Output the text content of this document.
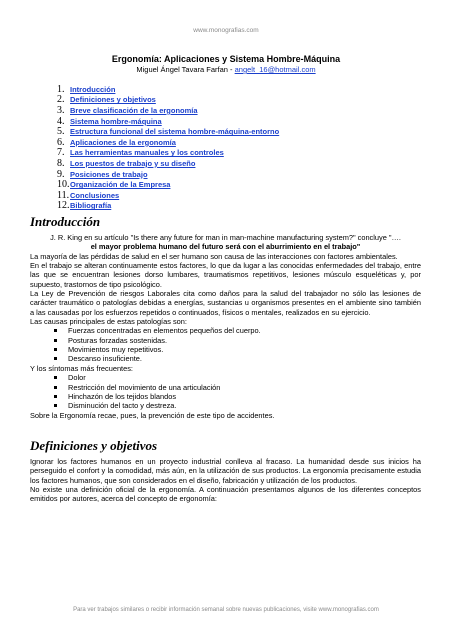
www.monografias.com
Ergonomía: Aplicaciones y Sistema Hombre-Máquina
Miguel Ángel Tavara Farfan - angelt_16@hotmail.com
1. Introducción
2. Definiciones y objetivos
3. Breve clasificación de la ergonomía
4. Sistema hombre-máquina
5. Estructura funcional del sistema hombre-máquina-entorno
6. Aplicaciones de la ergonomía
7. Las herramientas manuales y los controles
8. Los puestos de trabajo y su diseño
9. Posiciones de trabajo
10. Organización de la Empresa
11. Conclusiones
12. Bibliografía
Introducción

J. R. King en su artículo "Is there any future for man in man-machine manufacturing system?" concluye "….

el mayor problema humano del futuro será con el aburrimiento en el trabajo"

La mayoría de las pérdidas de salud en el ser humano son causa de las interacciones con factores ambientales.

En el trabajo se alteran continuamente estos factores, lo que da lugar a las conocidas enfermedades del trabajo, entre las que se encuentran lesiones dorso lumbares, traumatismos repetitivos, lesiones músculo esqueléticas y, por supuesto, trastornos de tipo psicológico.

La Ley de Prevención de riesgos Laborales cita como daños para la salud del trabajador no sólo las lesiones de carácter traumático o patologías debidas a energías, sustancias u organismos presentes en el ambiente sino también a las causadas por los esfuerzos repetidos o continuados, físicos o mentales, realizados en su ejercicio.

Las causas principales de estas patologías son:

Fuerzas concentradas en elementos pequeños del cuerpo.
Posturas forzadas sostenidas.
Movimientos muy repetitivos.
Descanso insuficiente.

Y los síntomas más frecuentes:

Dolor
Restricción del movimiento de una articulación
Hinchazón de los tejidos blandos
Disminución del tacto y destreza.

Sobre la Ergonomía recae, pues, la prevención de este tipo de accidentes.

Definiciones y objetivos

Ignorar los factores humanos en un proyecto industrial conlleva al fracaso. La humanidad desde sus inicios ha perseguido el confort y la comodidad, más aún, en la utilización de sus productos. La ergonomía precisamente estudia los factores humanos, que son considerados en el diseño, fabricación y utilización de los productos.

No existe una definición oficial de la ergonomía. A continuación presentamos algunos de los diferentes conceptos emitidos por autores, acerca del concepto de ergonomía:

Para ver trabajos similares o recibir información semanal sobre nuevas publicaciones, visite www.monografias.com
